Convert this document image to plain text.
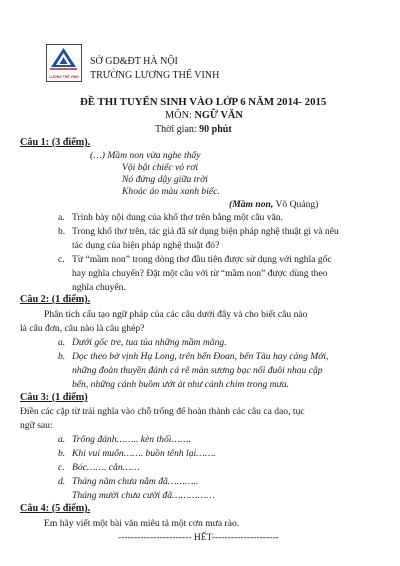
LƯƠNG THẾ VINH
SỞ GD&ĐT HÀ NỘI
TRƯỜNG LƯƠNG THẾ VINH
ĐỀ THI TUYỂN SINH VÀO LỚP 6 NĂM 2014- 2015
MÔN: NGỮ VĂN
Thời gian: 90 phút
Câu 1: (3 điểm).
(…) Mầm non vừa nghe thấy
Vội bật chiếc vỏ rơi
Nó đứng dậy giữa trời
Khoác áo màu xanh biếc.
(Mầm non, Võ Quảng)
a. Trình bày nội dung của khổ thơ trên bằng một câu văn.
b. Trong khổ thơ trên, tác giả đã sử dụng biện pháp nghệ thuật gì và nêu
tác dụng của biện pháp nghệ thuật đó?
c. Từ “mầm non” trong dòng thơ đầu tiên được sử dụng với nghĩa gốc
hay nghĩa chuyển? Đặt một câu với từ “mầm non” được dùng theo
nghĩa chuyển.
Câu 2: (1 điểm).
Phân tích cấu tạo ngữ pháp của các câu dưới đây và cho biết câu nào
là câu đơn, câu nào là câu ghép?
a. Dưới gốc tre, tua tủa những mầm măng.
b. Dọc theo bờ vịnh Hạ Long, trên bến Đoan, bến Tàu hay cảng Mới,
những đoàn thuyền đánh cá rẽ màn sương bạc nối đuôi nhau cập
bến, những cánh buồm ướt át như cánh chim trong mưa.
Câu 3: (1 điểm)
Điền các cặp từ trái nghĩa vào chỗ trống để hoàn thành các câu ca dao, tục
ngữ sau:
a. Trống đánh…….. kèn thổi…….
b. Khi vui muốn……. buồn tênh lại…….
c. Bóc……. cắn……
d. Tháng năm chưa nằm đã………..
Tháng mười chưa cười đã……………
Câu 4: (5 điểm).
Em hãy viết một bài văn miêu tả một cơn mưa rào.
----------------------- HẾT---------------------
